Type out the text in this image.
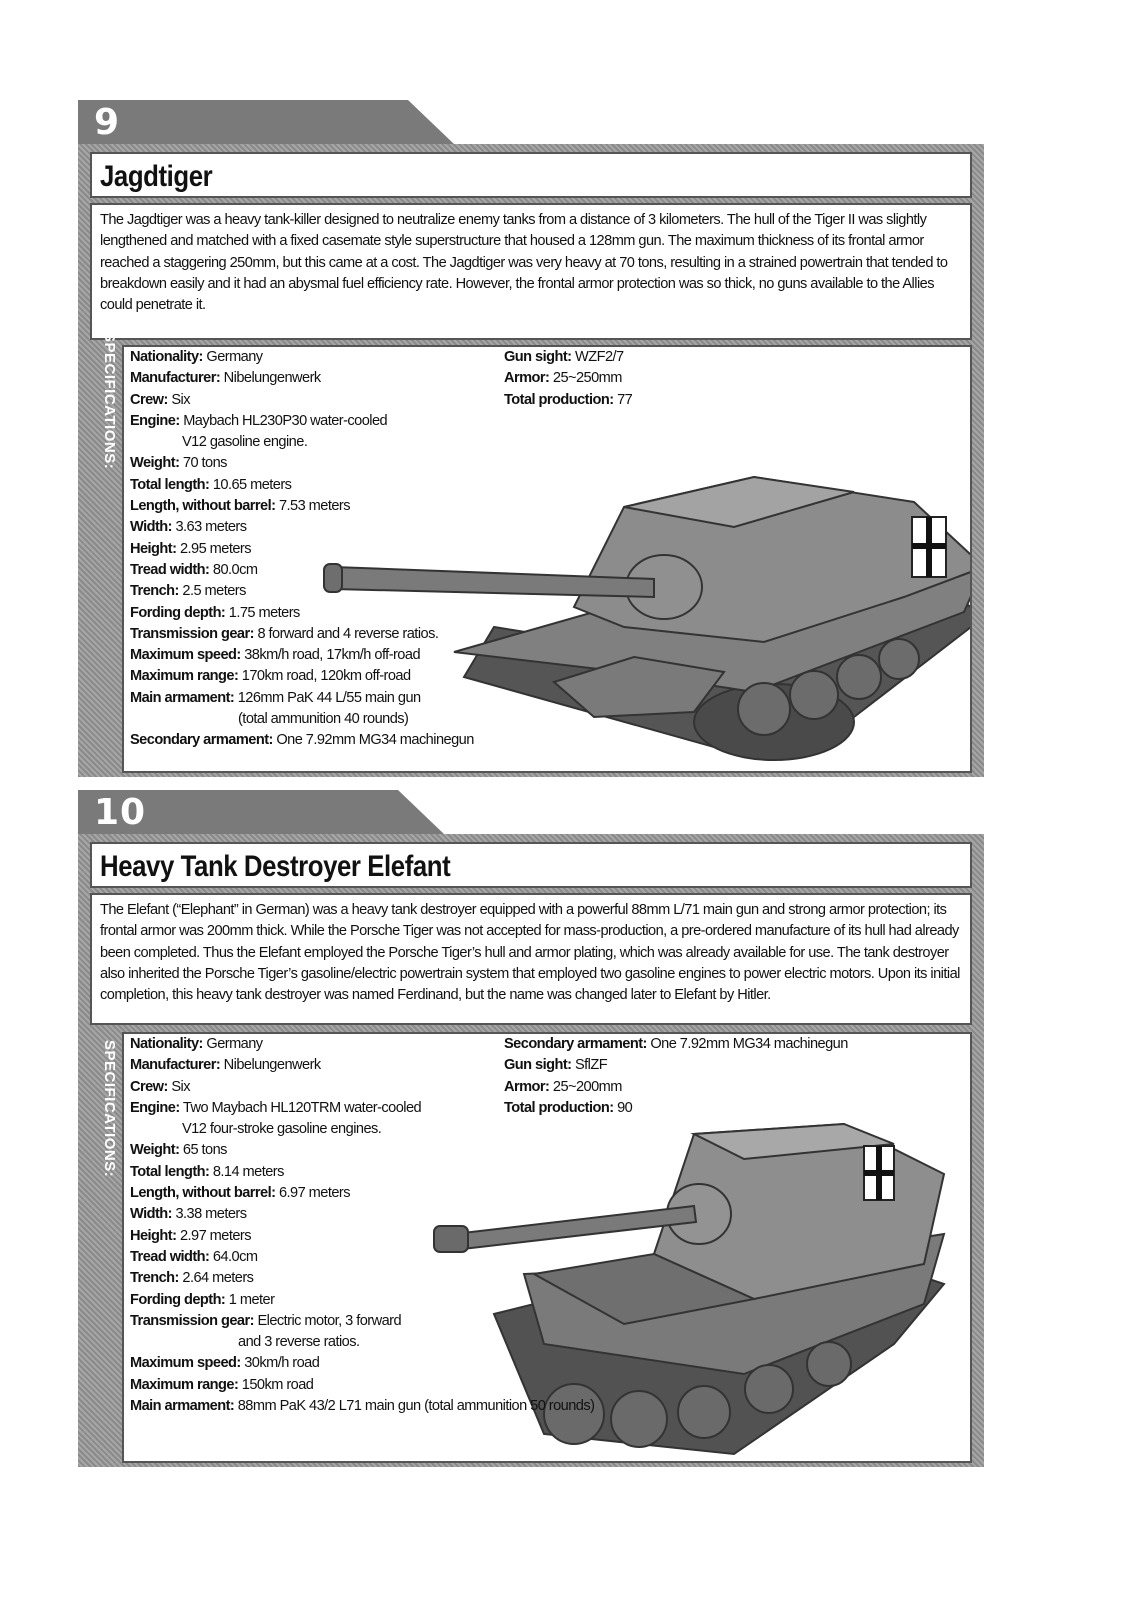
9
Jagdtiger
The Jagdtiger was a heavy tank-killer designed to neutralize enemy tanks from a distance of 3 kilometers. The hull of the Tiger II was slightly lengthened and matched with a fixed casemate style superstructure that housed a 128mm gun. The maximum thickness of its frontal armor reached a staggering 250mm, but this came at a cost. The Jagdtiger was very heavy at 70 tons, resulting in a strained powertrain that tended to breakdown easily and it had an abysmal fuel efficiency rate. However, the frontal armor protection was so thick, no guns available to the Allies could penetrate it.
SPECIFICATIONS: Nationality: Germany
Manufacturer: Nibelungenwerk
Crew: Six
Engine: Maybach HL230P30 water-cooled
V12 gasoline engine.
Weight: 70 tons
Total length: 10.65 meters
Length, without barrel: 7.53 meters
Width: 3.63 meters
Height: 2.95 meters
Tread width: 80.0cm
Trench: 2.5 meters
Fording depth: 1.75 meters
Transmission gear: 8 forward and 4 reverse ratios.
Maximum speed: 38km/h road, 17km/h off-road
Maximum range: 170km road, 120km off-road
Main armament: 126mm PaK 44 L/55 main gun
(total ammunition 40 rounds)
Secondary armament: One 7.92mm MG34 machinegun
Gun sight: WZF2/7
Armor: 25~250mm
Total production: 77
10
Heavy Tank Destroyer Elefant
The Elefant (“Elephant” in German) was a heavy tank destroyer equipped with a powerful 88mm L/71 main gun and strong armor protection; its frontal armor was 200mm thick. While the Porsche Tiger was not accepted for mass-production, a pre-ordered manufacture of its hull had already been completed. Thus the Elefant employed the Porsche Tiger’s hull and armor plating, which was already available for use. The tank destroyer also inherited the Porsche Tiger’s gasoline/electric powertrain system that employed two gasoline engines to power electric motors. Upon its initial completion, this heavy tank destroyer was named Ferdinand, but the name was changed later to Elefant by Hitler.
SPECIFICATIONS: Nationality: Germany
Manufacturer: Nibelungenwerk
Crew: Six
Engine: Two Maybach HL120TRM water-cooled
V12 four-stroke gasoline engines.
Weight: 65 tons
Total length: 8.14 meters
Length, without barrel: 6.97 meters
Width: 3.38 meters
Height: 2.97 meters
Tread width: 64.0cm
Trench: 2.64 meters
Fording depth: 1 meter
Transmission gear: Electric motor, 3 forward
and 3 reverse ratios.
Maximum speed: 30km/h road
Maximum range: 150km road
Main armament: 88mm PaK 43/2 L71 main gun (total ammunition 50 rounds)
Secondary armament: One 7.92mm MG34 machinegun
Gun sight: SflZF
Armor: 25~200mm
Total production: 90
